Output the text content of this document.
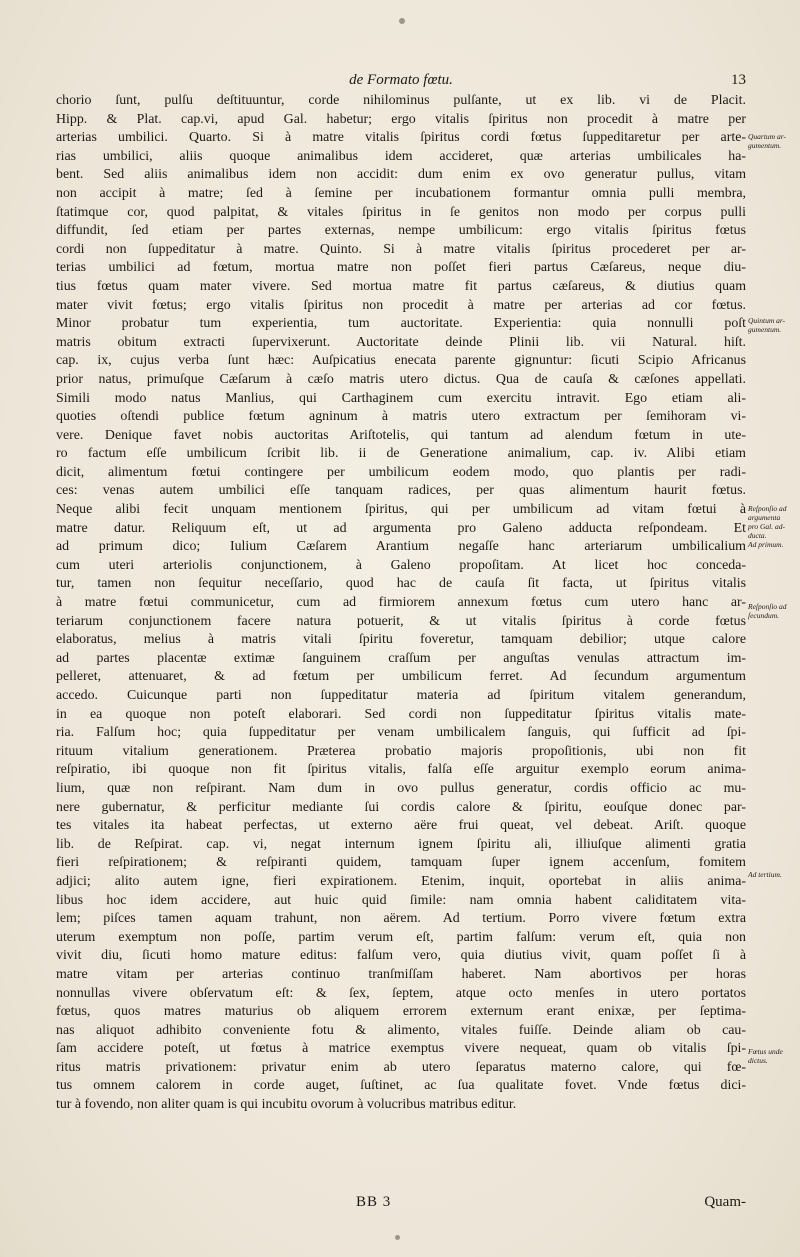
de Formato fœtu.	13
chorio ſunt, pulſu deſtituuntur, corde nihilominus pulſante, ut ex lib. vi de Placit.
Hipp. & Plat. cap.vi, apud Gal. habetur; ergo vitalis ſpiritus non procedit à matre per
arterias umbilici. Quarto. Si à matre vitalis ſpiritus cordi fœtus ſuppeditaretur per arte-
rias umbilici, aliis quoque animalibus idem accideret, quæ arterias umbilicales ha-
bent. Sed aliis animalibus idem non accidit: dum enim ex ovo generatur pullus, vitam
non accipit à matre; ſed à ſemine per incubationem formantur omnia pulli membra,
ſtatimque cor, quod palpitat, & vitales ſpiritus in ſe genitos non modo per corpus pulli
diffundit, ſed etiam per partes externas, nempe umbilicum: ergo vitalis ſpiritus fœtus
cordi non ſuppeditatur à matre. Quinto. Si à matre vitalis ſpiritus procederet per ar-
terias umbilici ad fœtum, mortua matre non poſſet fieri partus Cæſareus, neque diu-
tius fœtus quam mater vivere. Sed mortua matre fit partus cæſareus, & diutius quam
mater vivit fœtus; ergo vitalis ſpiritus non procedit à matre per arterias ad cor fœtus.
Minor probatur tum experientia, tum auctoritate. Experientia: quia nonnulli poſt
matris obitum extracti ſupervixerunt. Auctoritate deinde Plinii lib. vii Natural. hiſt.
cap. ix, cujus verba ſunt hæc: Auſpicatius enecata parente gignuntur: ſicuti Scipio Africanus
prior natus, primuſque Cæſarum à cæſo matris utero dictus. Qua de cauſa & cæſones appellati.
Simili modo natus Manlius, qui Carthaginem cum exercitu intravit. Ego etiam ali-
quoties oſtendi publice fœtum agninum à matris utero extractum per ſemihoram vi-
vere. Denique favet nobis auctoritas Ariſtotelis, qui tantum ad alendum fœtum in ute-
ro factum eſſe umbilicum ſcribit lib. ii de Generatione animalium, cap. iv. Alibi etiam
dicit, alimentum fœtui contingere per umbilicum eodem modo, quo plantis per radi-
ces: venas autem umbilici eſſe tanquam radices, per quas alimentum haurit fœtus.
Neque alibi fecit unquam mentionem ſpiritus, qui per umbilicum ad vitam fœtui à
matre datur. Reliquum eſt, ut ad argumenta pro Galeno adducta reſpondeam. Et
ad primum dico; Iulium Cæſarem Arantium negaſſe hanc arteriarum umbilicalium
cum uteri arteriolis conjunctionem, à Galeno propoſitam. At licet hoc conceda-
tur, tamen non ſequitur neceſſario, quod hac de cauſa ſit facta, ut ſpiritus vitalis
à matre fœtui communicetur, cum ad firmiorem annexum fœtus cum utero hanc ar-
teriarum conjunctionem facere natura potuerit, & ut vitalis ſpiritus à corde fœtus
elaboratus, melius à matris vitali ſpiritu foveretur, tamquam debilior; utque calore
ad partes placentæ extimæ ſanguinem craſſum per anguſtas venulas attractum im-
pelleret, attenuaret, & ad fœtum per umbilicum ferret. Ad ſecundum argumentum
accedo. Cuicunque parti non ſuppeditatur materia ad ſpiritum vitalem generandum,
in ea quoque non poteſt elaborari. Sed cordi non ſuppeditatur ſpiritus vitalis mate-
ria. Falſum hoc; quia ſuppeditatur per venam umbilicalem ſanguis, qui ſufficit ad ſpi-
rituum vitalium generationem. Præterea probatio majoris propoſitionis, ubi non fit
reſpiratio, ibi quoque non fit ſpiritus vitalis, falſa eſſe arguitur exemplo eorum anima-
lium, quæ non reſpirant. Nam dum in ovo pullus generatur, cordis officio ac mu-
nere gubernatur, & perficitur mediante ſui cordis calore & ſpiritu, eouſque donec par-
tes vitales ita habeat perfectas, ut externo aëre frui queat, vel debeat. Ariſt. quoque
lib. de Reſpirat. cap. vi, negat internum ignem ſpiritu ali, illiuſque alimenti gratia
fieri reſpirationem; & reſpiranti quidem, tamquam ſuper ignem accenſum, fomitem
adjici; alito autem igne, fieri expirationem. Etenim, inquit, oportebat in aliis anima-
libus hoc idem accidere, aut huic quid ſimile: nam omnia habent caliditatem vita-
lem; piſces tamen aquam trahunt, non aërem. Ad tertium. Porro vivere fœtum extra
uterum exemptum non poſſe, partim verum eſt, partim falſum: verum eſt, quia non
vivit diu, ſicuti homo mature editus: falſum vero, quia diutius vivit, quam poſſet ſi à
matre vitam per arterias continuo tranſmiſſam haberet. Nam abortivos per horas
nonnullas vivere obſervatum eſt: & ſex, ſeptem, atque octo menſes in utero portatos
fœtus, quos matres maturius ob aliquem errorem externum erant enixæ, per ſeptima-
nas aliquot adhibito conveniente fotu & alimento, vitales fuiſſe. Deinde aliam ob cau-
ſam accidere poteſt, ut fœtus à matrice exemptus vivere nequeat, quam ob vitalis ſpi-
ritus matris privationem: privatur enim ab utero ſeparatus materno calore, qui fœ-
tus omnem calorem in corde auget, ſuſtinet, ac ſua qualitate fovet. Vnde fœtus dici-
tur à fovendo, non aliter quam is qui incubitu ovorum à volucribus matribus editur.
Quartum ar-
gumentum.
Quintum ar-
gumentum.
Reſponſio ad
argumenta
pro Gal. ad-
ducta.
Ad primum.
Reſponſio ad
ſecundum.
Ad tertium.
Fœtus unde
dictus.
BB 3	Quam-
